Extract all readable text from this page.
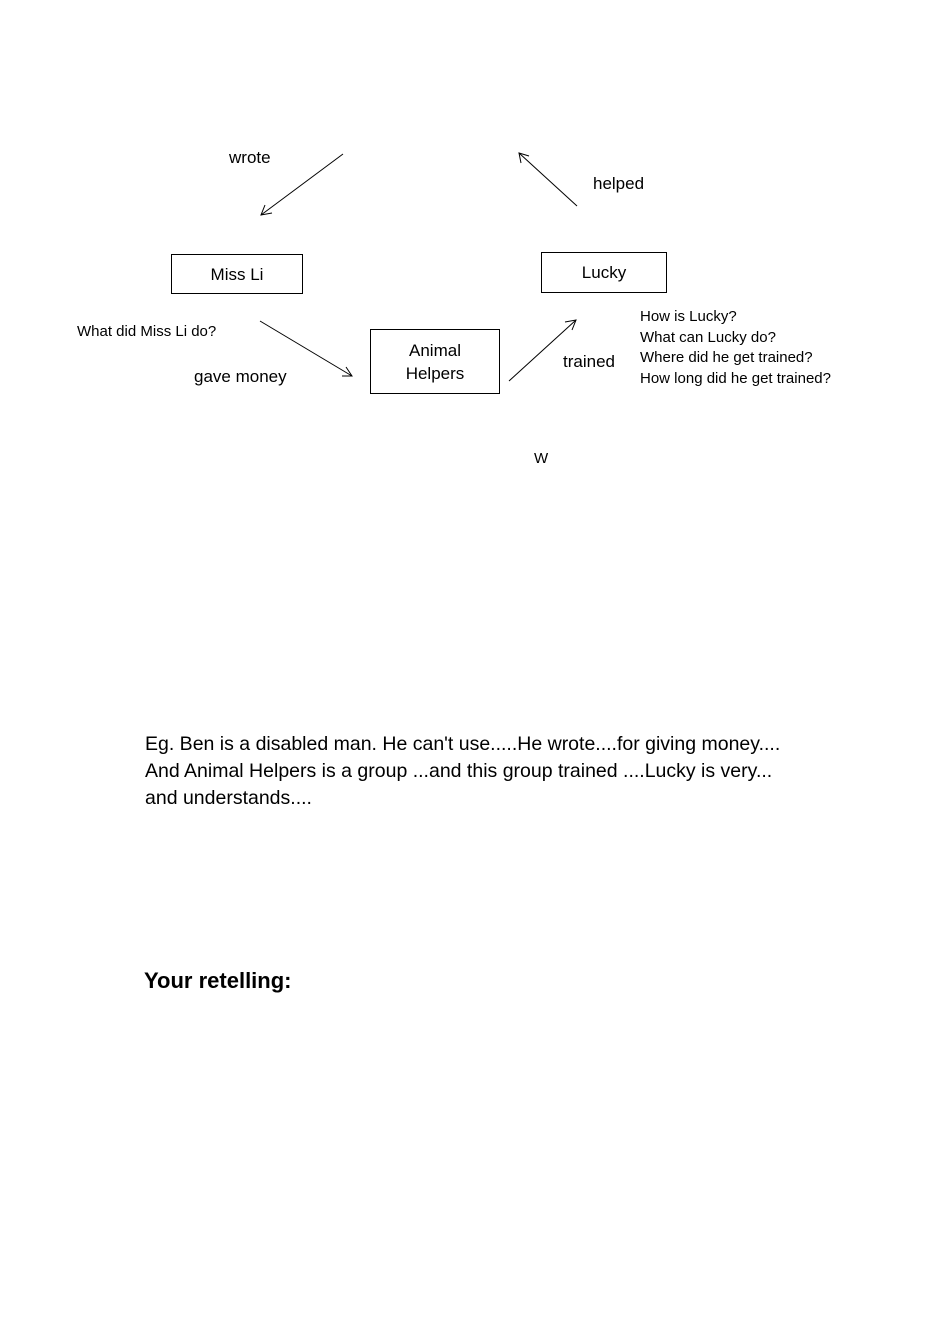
wrote
helped
What did Miss Li do?
gave money
trained
W
Miss Li	Lucky
Animal
Helpers
How is Lucky?
What can Lucky do?
Where did he get trained?
How long did he get trained?
Eg. Ben is a disabled man. He can't use.....He wrote....for giving money....
And Animal Helpers is a group ...and this group trained ....Lucky is very...
and understands....
Your retelling:
